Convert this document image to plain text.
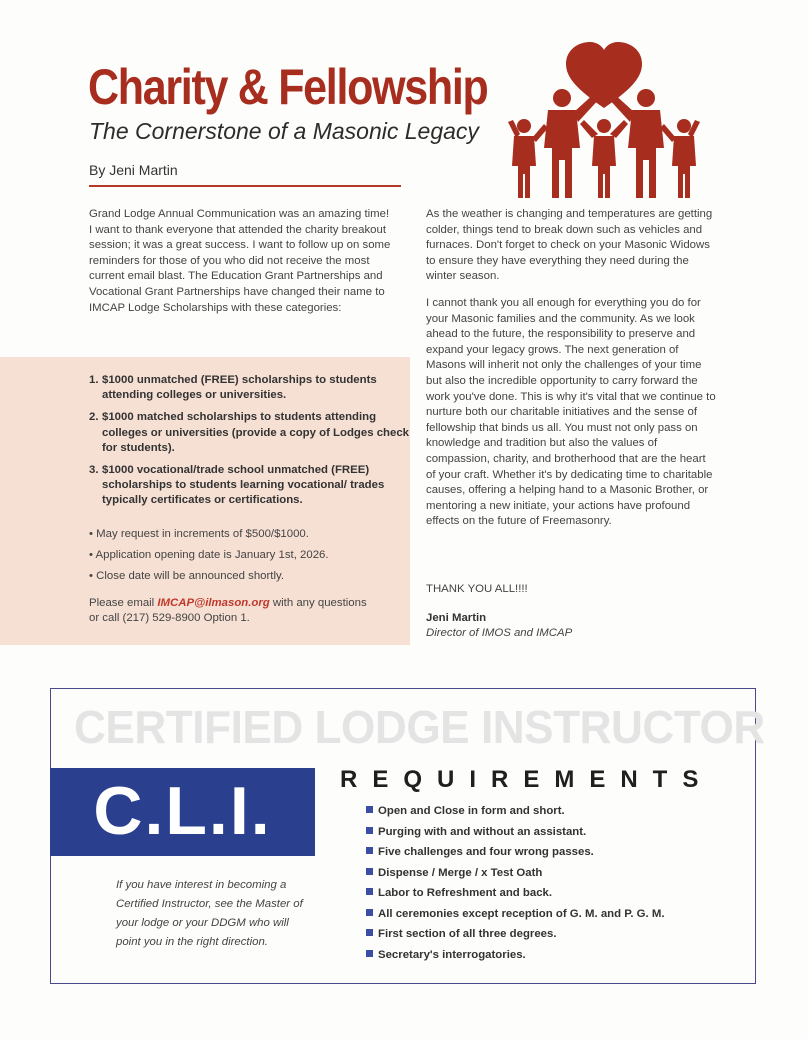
Charity & Fellowship
The Cornerstone of a Masonic Legacy
By Jeni Martin
Grand Lodge Annual Communication was an amazing time! I want to thank everyone that attended the charity breakout session; it was a great success. I want to follow up on some reminders for those of you who did not receive the most current email blast. The Education Grant Partnerships and Vocational Grant Partnerships have changed their name to IMCAP Lodge Scholarships with these categories:
1. $1000 unmatched (FREE) scholarships to students attending colleges or universities.
2. $1000 matched scholarships to students attending colleges or universities (provide a copy of Lodges check for students).
3. $1000 vocational/trade school unmatched (FREE) scholarships to students learning vocational/ trades typically certificates or certifications.
• May request in increments of $500/$1000.
• Application opening date is January 1st, 2026.
• Close date will be announced shortly.
Please email IMCAP@ilmason.org with any questions or call (217) 529-8900 Option 1.

As the weather is changing and temperatures are getting colder, things tend to break down such as vehicles and furnaces. Don't forget to check on your Masonic Widows to ensure they have everything they need during the winter season.

I cannot thank you all enough for everything you do for your Masonic families and the community. As we look ahead to the future, the responsibility to preserve and expand your legacy grows. The next generation of Masons will inherit not only the challenges of your time but also the incredible opportunity to carry forward the work you've done. This is why it's vital that we continue to nurture both our charitable initiatives and the sense of fellowship that binds us all. You must not only pass on knowledge and tradition but also the values of compassion, charity, and brotherhood that are the heart of your craft. Whether it's by dedicating time to charitable causes, offering a helping hand to a Masonic Brother, or mentoring a new initiate, your actions have profound effects on the future of Freemasonry.

THANK YOU ALL!!!!
Jeni Martin
Director of IMOS and IMCAP
CERTIFIED LODGE INSTRUCTOR
C.L.I.
If you have interest in becoming a Certified Instructor, see the Master of your lodge or your DDGM who will point you in the right direction.
REQUIREMENTS
Open and Close in form and short.
Purging with and without an assistant.
Five challenges and four wrong passes.
Dispense / Merge / x Test Oath
Labor to Refreshment and back.
All ceremonies except reception of G. M. and P. G. M.
First section of all three degrees.
Secretary's interrogatories.
